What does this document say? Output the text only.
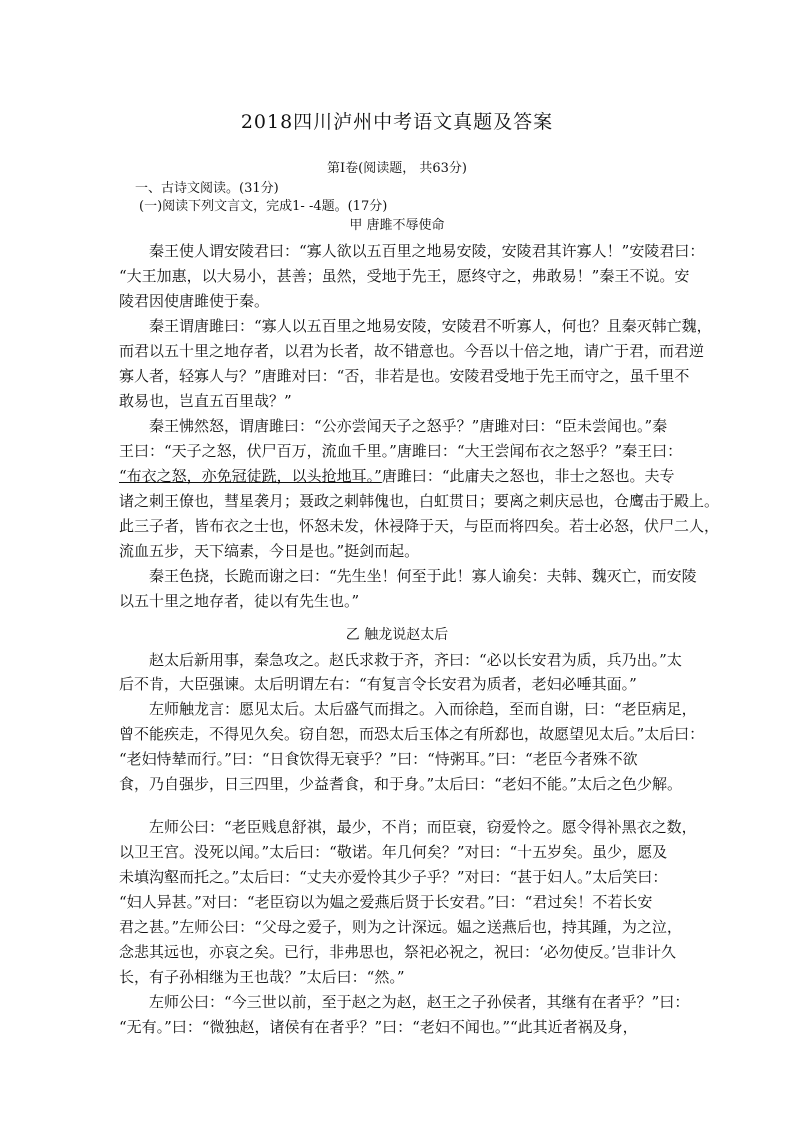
2018四川泸州中考语文真题及答案
第Ⅰ卷(阅读题， 共63分)
一、古诗文阅读。(31分)
(一)阅读下列文言文，完成1- -4题。(17分)
甲 唐雎不辱使命
秦王使人谓安陵君曰：“寡人欲以五百里之地易安陵，安陵君其许寡人！”安陵君曰：
“大王加惠，以大易小，甚善；虽然，受地于先王，愿终守之，弗敢易！”秦王不说。安
陵君因使唐雎使于秦。
秦王谓唐雎曰：“寡人以五百里之地易安陵，安陵君不听寡人，何也？且秦灭韩亡魏，
而君以五十里之地存者，以君为长者，故不错意也。今吾以十倍之地，请广于君，而君逆
寡人者，轻寡人与？”唐雎对曰：“否，非若是也。安陵君受地于先王而守之，虽千里不
敢易也，岂直五百里哉？”
秦王怫然怒，谓唐雎曰：“公亦尝闻天子之怒乎？”唐雎对曰：“臣未尝闻也。”秦
王曰：“天子之怒，伏尸百万，流血千里。”唐雎曰：“大王尝闻布衣之怒乎？”秦王曰：
“布衣之怒，亦免冠徒跣，以头抢地耳。”唐雎曰：“此庸夫之怒也，非士之怒也。夫专
诸之刺王僚也，彗星袭月；聂政之刺韩傀也，白虹贯日；要离之刺庆忌也，仓鹰击于殿上。
此三子者，皆布衣之士也，怀怒未发，休祲降于天，与臣而将四矣。若士必怒，伏尸二人，
流血五步，天下缟素，今日是也。”挺剑而起。
秦王色挠，长跪而谢之曰：“先生坐！何至于此！寡人谕矣：夫韩、魏灭亡，而安陵
以五十里之地存者，徒以有先生也。”
乙 触龙说赵太后
赵太后新用事，秦急攻之。赵氏求救于齐，齐曰：“必以长安君为质，兵乃出。”太
后不肯，大臣强谏。太后明谓左右：“有复言令长安君为质者，老妇必唾其面。”
左师触龙言：愿见太后。太后盛气而揖之。入而徐趋，至而自谢，曰：“老臣病足，
曾不能疾走，不得见久矣。窃自恕，而恐太后玉体之有所郄也，故愿望见太后。”太后曰：
“老妇恃辇而行。”曰：“日食饮得无衰乎？”曰：“恃粥耳。”曰：“老臣今者殊不欲
食，乃自强步，日三四里，少益耆食，和于身。”太后曰：“老妇不能。”太后之色少解。
左师公曰：“老臣贱息舒祺，最少，不肖；而臣衰，窃爱怜之。愿令得补黑衣之数，
以卫王宫。没死以闻。”太后曰：“敬诺。年几何矣？”对曰：“十五岁矣。虽少，愿及
未填沟壑而托之。”太后曰：“丈夫亦爱怜其少子乎？”对曰：“甚于妇人。”太后笑曰：
“妇人异甚。”对曰：“老臣窃以为媪之爱燕后贤于长安君。”曰：“君过矣！不若长安
君之甚。”左师公曰：“父母之爱子，则为之计深远。媪之送燕后也，持其踵，为之泣，
念悲其远也，亦哀之矣。已行，非弗思也，祭祀必祝之，祝曰：‘必勿使反。’岂非计久
长，有子孙相继为王也哉？”太后曰：“然。”
左师公曰：“今三世以前，至于赵之为赵，赵王之子孙侯者，其继有在者乎？”曰：
“无有。”曰：“微独赵，诸侯有在者乎？”曰：“老妇不闻也。”“此其近者祸及身，
